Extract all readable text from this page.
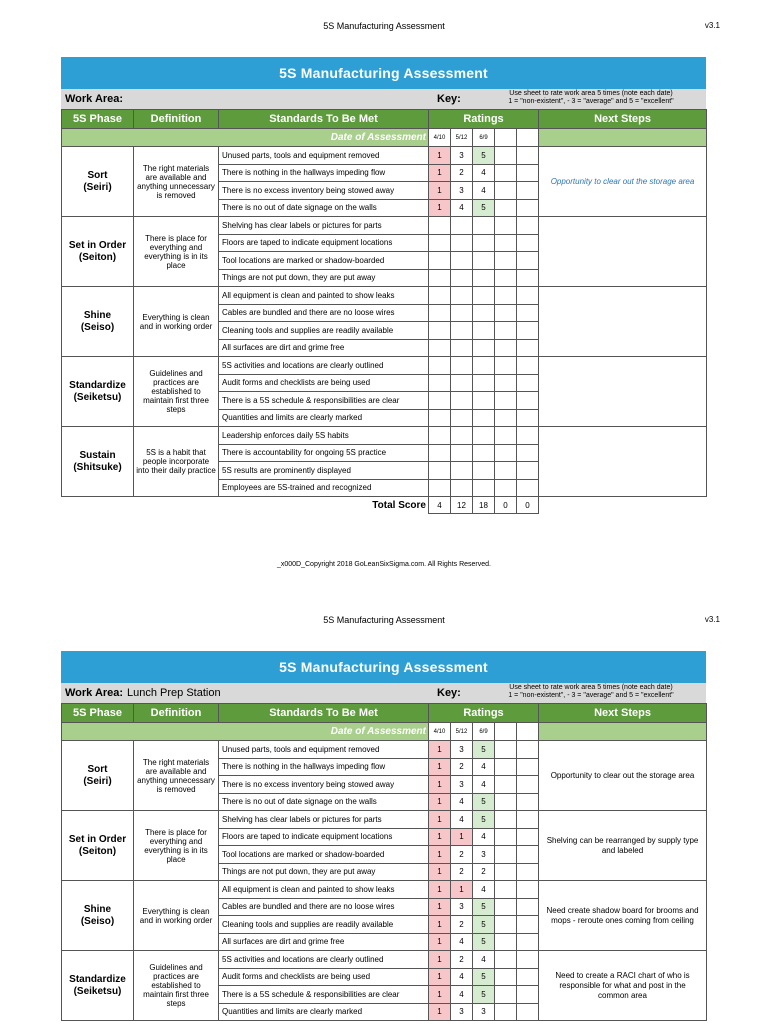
5S Manufacturing Assessment	v3.1
5S Manufacturing Assessment
Work Area:	Key:	Use sheet to rate work area 5 times (note each date)
1 = "non-existent", - 3 = "average" and 5 = "excellent"
5S Phase	Definition	Standards To Be Met	Ratings					Next Steps
Date of Assessment			4/10	5/12	6/9			

Sort
(Seiri)	The right materials are available and anything unnecessary is removed	Unused parts, tools and equipment removed	1	3	5			Opportunity to clear out the storage area
		There is nothing in the hallways impeding flow	1	2	4			
		There is no excess inventory being stowed away	1	3	4			
		There is no out of date signage on the walls	1	4	5			

Set in Order
(Seiton)	There is place for everything and everything is in its place	Shelving has clear labels or pictures for parts						
		Floors are taped to indicate equipment locations						
		Tool locations are marked or shadow-boarded						
		Things are not put down, they are put away						

Shine
(Seiso)	Everything is clean and in working order	All equipment is clean and painted to show leaks						
		Cables are bundled and there are no loose wires						
		Cleaning tools and supplies are readily available						
		All surfaces are dirt and grime free						

Standardize
(Seiketsu)	Guidelines and practices are established to maintain first three steps	5S activities and locations are clearly outlined						
		Audit forms and checklists are being used						
		There is a 5S schedule & responsibilities are clear						
		Quantities and limits are clearly marked						

Sustain
(Shitsuke)	5S is a habit that people incorporate into their daily practice	Leadership enforces daily 5S habits						
		There is accountability for ongoing 5S practice						
		5S results are prominently displayed						
		Employees are 5S-trained and recognized						
Total Score			4	12	18	0	0	
_x000D_Copyright 2018 GoLeanSixSigma.com. All Rights Reserved.
5S Manufacturing Assessment	v3.1
5S Manufacturing Assessment
Work Area: Lunch Prep Station	Key:	Use sheet to rate work area 5 times (note each date)
1 = "non-existent", - 3 = "average" and 5 = "excellent"
5S Phase	Definition	Standards To Be Met	Ratings					Next Steps
Date of Assessment			4/10	5/12	6/9			

Sort
(Seiri)	The right materials are available and anything unnecessary is removed	Unused parts, tools and equipment removed	1	3	5			Opportunity to clear out the storage area
		There is nothing in the hallways impeding flow	1	2	4			
		There is no excess inventory being stowed away	1	3	4			
		There is no out of date signage on the walls	1	4	5			

Set in Order
(Seiton)	There is place for everything and everything is in its place	Shelving has clear labels or pictures for parts	1	4	5			Shelving can be rearranged by supply type and labeled
		Floors are taped to indicate equipment locations	1	1	4			
		Tool locations are marked or shadow-boarded	1	2	3			
		Things are not put down, they are put away	1	2	2			

Shine
(Seiso)	Everything is clean and in working order	All equipment is clean and painted to show leaks	1	1	4			Need create shadow board for brooms and mops - reroute ones coming from ceiling
		Cables are bundled and there are no loose wires	1	3	5			
		Cleaning tools and supplies are readily available	1	2	5			
		All surfaces are dirt and grime free	1	4	5			

Standardize
(Seiketsu)	Guidelines and practices are established to maintain first three steps	5S activities and locations are clearly outlined	1	2	4			Need to create a RACI chart of who is responsible for what and post in the common area
		Audit forms and checklists are being used	1	4	5			
		There is a 5S schedule & responsibilities are clear	1	4	5			
		Quantities and limits are clearly marked	1	3	3			
